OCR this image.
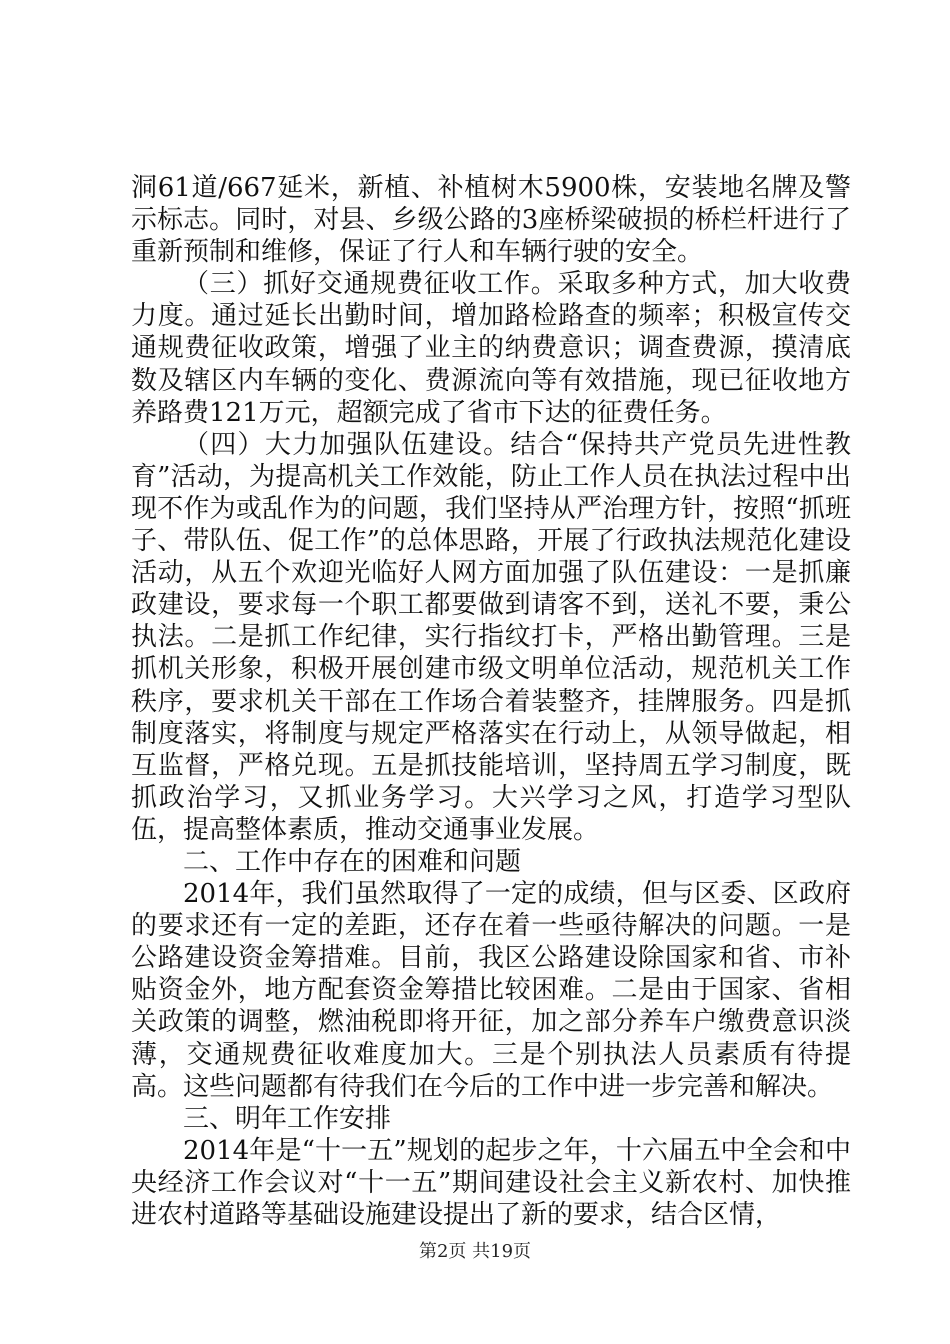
洞61道/667延米，新植、补植树木5900株，安装地名牌及警示标志。同时，对县、乡级公路的3座桥梁破损的桥栏杆进行了重新预制和维修，保证了行人和车辆行驶的安全。

（三）抓好交通规费征收工作。采取多种方式，加大收费力度。通过延长出勤时间，增加路检路查的频率；积极宣传交通规费征收政策，增强了业主的纳费意识；调查费源，摸清底数及辖区内车辆的变化、费源流向等有效措施，现已征收地方养路费121万元，超额完成了省市下达的征费任务。

（四）大力加强队伍建设。结合“保持共产党员先进性教育”活动，为提高机关工作效能，防止工作人员在执法过程中出现不作为或乱作为的问题，我们坚持从严治理方针，按照“抓班子、带队伍、促工作”的总体思路，开展了行政执法规范化建设活动，从五个欢迎光临好人网方面加强了队伍建设：一是抓廉政建设，要求每一个职工都要做到请客不到，送礼不要，秉公执法。二是抓工作纪律，实行指纹打卡，严格出勤管理。三是抓机关形象，积极开展创建市级文明单位活动，规范机关工作秩序，要求机关干部在工作场合着装整齐，挂牌服务。四是抓制度落实，将制度与规定严格落实在行动上，从领导做起，相互监督，严格兑现。五是抓技能培训，坚持周五学习制度，既抓政治学习，又抓业务学习。大兴学习之风，打造学习型队伍，提高整体素质，推动交通事业发展。

二、工作中存在的困难和问题

2014年，我们虽然取得了一定的成绩，但与区委、区政府的要求还有一定的差距，还存在着一些亟待解决的问题。一是公路建设资金筹措难。目前，我区公路建设除国家和省、市补贴资金外，地方配套资金筹措比较困难。二是由于国家、省相关政策的调整，燃油税即将开征，加之部分养车户缴费意识淡薄，交通规费征收难度加大。三是个别执法人员素质有待提高。这些问题都有待我们在今后的工作中进一步完善和解决。

三、明年工作安排

2014年是“十一五”规划的起步之年，十六届五中全会和中央经济工作会议对“十一五”期间建设社会主义新农村、加快推进农村道路等基础设施建设提出了新的要求，结合区情，

第2页 共19页
